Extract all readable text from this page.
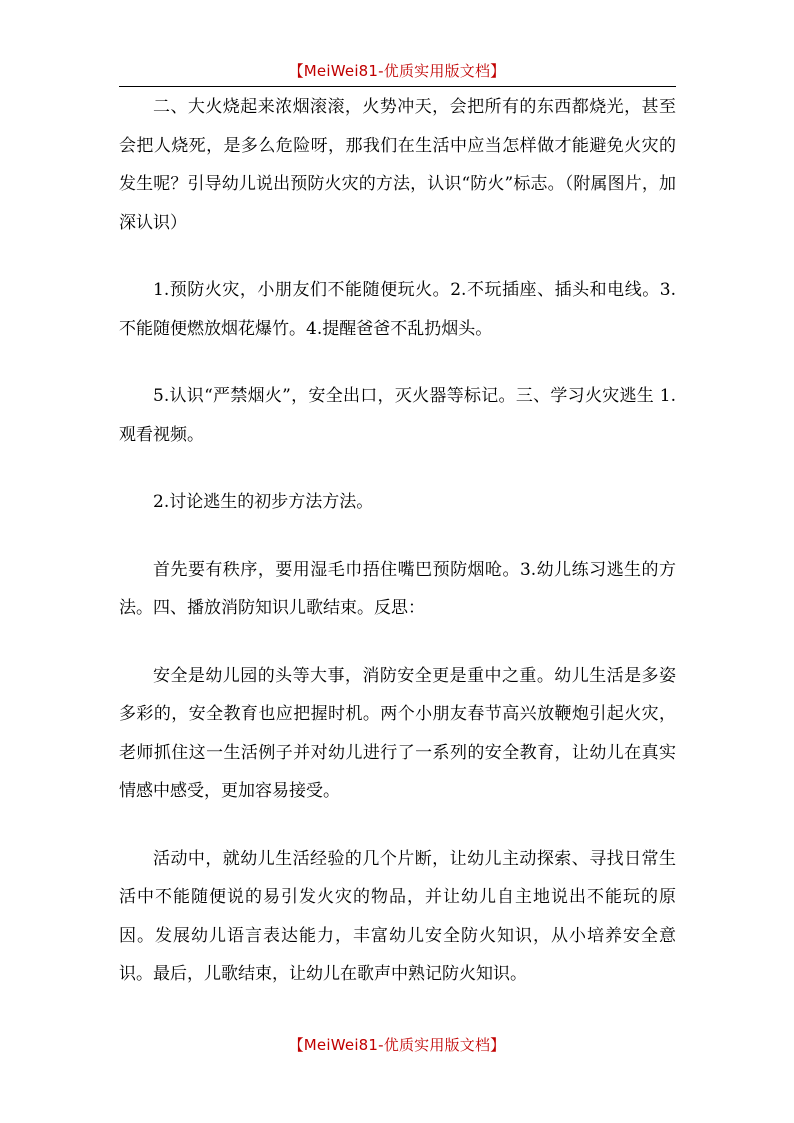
【MeiWei81-优质实用版文档】

二、大火烧起来浓烟滚滚，火势冲天，会把所有的东西都烧光，甚至会把人烧死，是多么危险呀，那我们在生活中应当怎样做才能避免火灾的发生呢？引导幼儿说出预防火灾的方法，认识“防火”标志。（附属图片，加深认识）

1.预防火灾，小朋友们不能随便玩火。2.不玩插座、插头和电线。3.不能随便燃放烟花爆竹。4.提醒爸爸不乱扔烟头。

5.认识“严禁烟火”，安全出口，灭火器等标记。三、学习火灾逃生 1.观看视频。

2.讨论逃生的初步方法方法。

首先要有秩序，要用湿毛巾捂住嘴巴预防烟呛。3.幼儿练习逃生的方法。四、播放消防知识儿歌结束。反思：

安全是幼儿园的头等大事，消防安全更是重中之重。幼儿生活是多姿多彩的，安全教育也应把握时机。两个小朋友春节高兴放鞭炮引起火灾，老师抓住这一生活例子并对幼儿进行了一系列的安全教育，让幼儿在真实情感中感受，更加容易接受。

活动中，就幼儿生活经验的几个片断，让幼儿主动探索、寻找日常生活中不能随便说的易引发火灾的物品，并让幼儿自主地说出不能玩的原因。发展幼儿语言表达能力，丰富幼儿安全防火知识，从小培养安全意识。最后，儿歌结束，让幼儿在歌声中熟记防火知识。

【MeiWei81-优质实用版文档】
